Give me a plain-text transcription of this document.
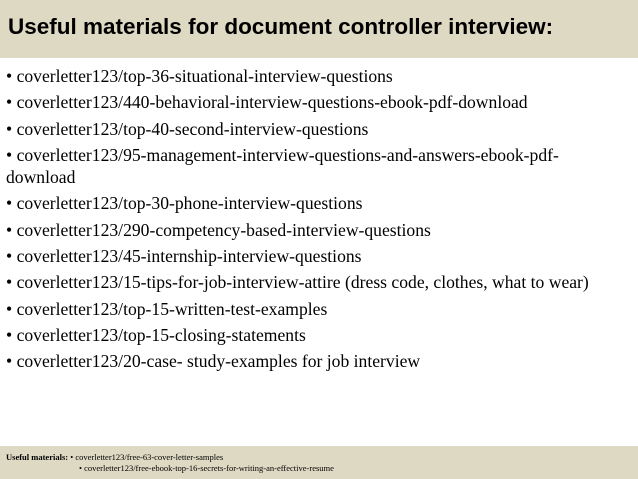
Useful materials for document controller interview:
• coverletter123/top-36-situational-interview-questions
• coverletter123/440-behavioral-interview-questions-ebook-pdf-download
• coverletter123/top-40-second-interview-questions
• coverletter123/95-management-interview-questions-and-answers-ebook-pdf-download
• coverletter123/top-30-phone-interview-questions
• coverletter123/290-competency-based-interview-questions
• coverletter123/45-internship-interview-questions
• coverletter123/15-tips-for-job-interview-attire (dress code, clothes, what to wear)
• coverletter123/top-15-written-test-examples
• coverletter123/top-15-closing-statements
• coverletter123/20-case- study-examples for job interview
Useful materials: • coverletter123/free-63-cover-letter-samples
• coverletter123/free-ebook-top-16-secrets-for-writing-an-effective-resume
